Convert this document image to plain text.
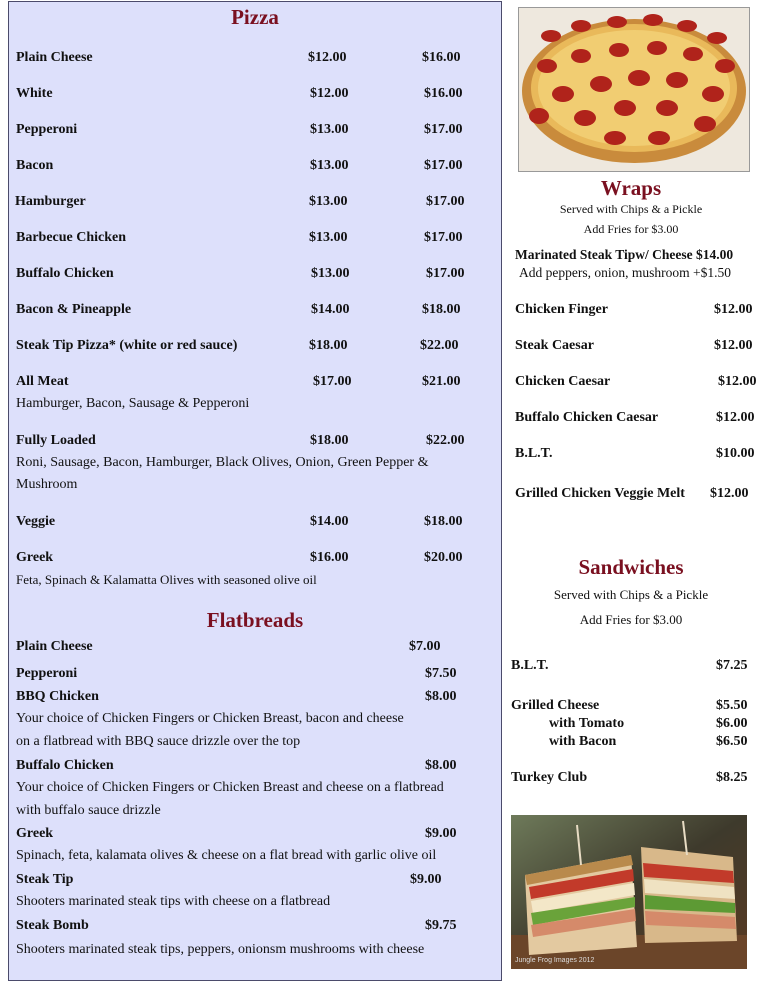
Pizza
Plain Cheese	$12.00	$16.00
White	$12.00	$16.00
Pepperoni	$13.00	$17.00
Bacon	$13.00	$17.00
Hamburger	$13.00	$17.00
Barbecue Chicken	$13.00	$17.00
Buffalo Chicken	$13.00	$17.00
Bacon & Pineapple	$14.00	$18.00
Steak Tip Pizza* (white or red sauce)	$18.00	$22.00
All Meat	$17.00	$21.00
Hamburger, Bacon, Sausage & Pepperoni
Fully Loaded	$18.00	$22.00
Roni, Sausage, Bacon, Hamburger, Black Olives, Onion, Green Pepper &
Mushroom
Veggie	$14.00	$18.00
Greek	$16.00	$20.00
Feta, Spinach & Kalamatta Olives with seasoned olive oil
Flatbreads
Plain Cheese	$7.00
Pepperoni	$7.50
BBQ Chicken	$8.00
Your choice of Chicken Fingers or Chicken Breast, bacon and cheese
on a flatbread with BBQ sauce drizzle over the top
Buffalo Chicken	$8.00
Your choice of Chicken Fingers or Chicken Breast and cheese on a flatbread
with buffalo sauce drizzle
Greek	$9.00
Spinach, feta, kalamata olives & cheese on a flat bread with garlic olive oil
Steak Tip	$9.00
Shooters marinated steak tips with cheese on a flatbread
Steak Bomb	$9.75
Shooters marinated steak tips, peppers, onionsm mushrooms with cheese
Wraps
Served with Chips & a Pickle
Add Fries for $3.00
Marinated Steak Tipw/ Cheese $14.00
Add peppers, onion, mushroom +$1.50
Chicken Finger	$12.00
Steak Caesar	$12.00
Chicken Caesar	$12.00
Buffalo Chicken Caesar	$12.00
B.L.T.	$10.00
Grilled Chicken Veggie Melt $12.00
Sandwiches
Served with Chips & a Pickle
Add Fries for $3.00
B.L.T.	$7.25
Grilled Cheese	$5.50
with Tomato	$6.00
with Bacon	$6.50
Turkey Club	$8.25
Jungle Frog Images 2012
